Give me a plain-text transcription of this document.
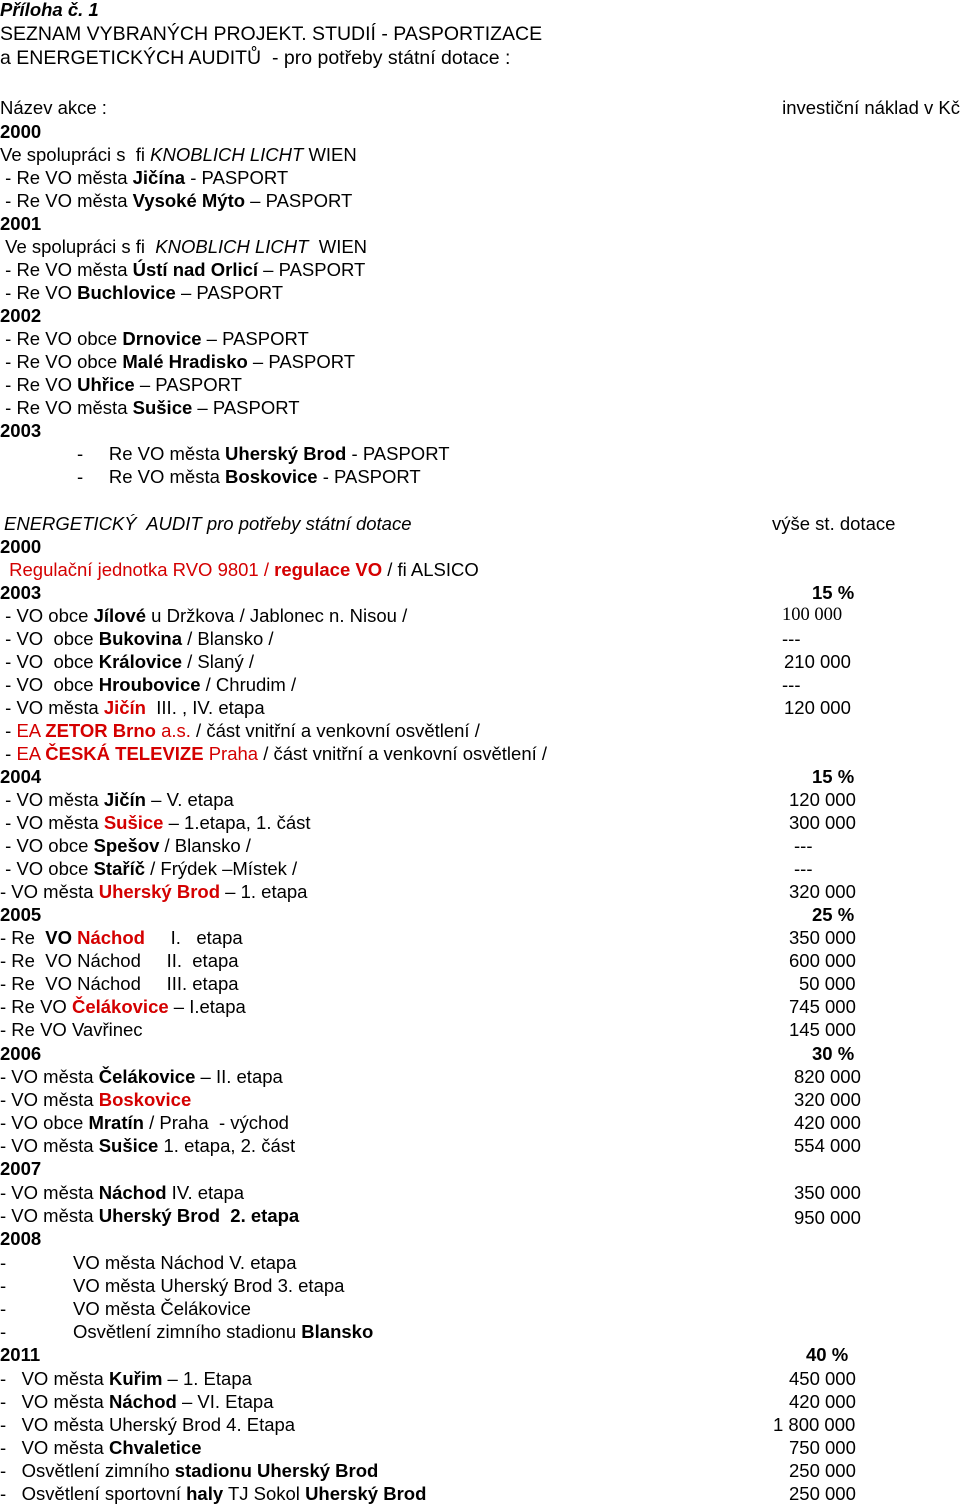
Příloha č. 1
SEZNAM VYBRANÝCH PROJEKT. STUDIÍ - PASPORTIZACE
a ENERGETICKÝCH AUDITŮ  - pro potřeby státní dotace :
Název akce :	investiční náklad v Kč
2000
Ve spolupráci s  fi KNOBLICH LICHT WIEN
- Re VO města Jičína - PASPORT
- Re VO města Vysoké Mýto – PASPORT
2001
Ve spolupráci s fi  KNOBLICH LICHT  WIEN
- Re VO města Ústí nad Orlicí – PASPORT
- Re VO Buchlovice – PASPORT
2002
- Re VO obce Drnovice – PASPORT
- Re VO obce Malé Hradisko – PASPORT
- Re VO Uhřice – PASPORT
- Re VO města Sušice – PASPORT
2003
-     Re VO města Uherský Brod - PASPORT
-     Re VO města Boskovice - PASPORT
ENERGETICKÝ  AUDIT pro potřeby státní dotace	výše st. dotace
2000
Regulační jednotka RVO 9801 / regulace VO / fi ALSICO
2003	15 %
- VO obce Jílové u Držkova / Jablonec n. Nisou /	100 000
- VO  obce Bukovina / Blansko /	---
- VO  obce Královice / Slaný /	210 000
- VO  obce Hroubovice / Chrudim /	---
- VO města Jičín  III. , IV. etapa	120 000
- EA ZETOR Brno a.s. / část vnitřní a venkovní osvětlení /
- EA ČESKÁ TELEVIZE Praha / část vnitřní a venkovní osvětlení /
2004	15 %
- VO města Jičín – V. etapa	120 000
- VO města Sušice – 1.etapa, 1. část	300 000
- VO obce Spešov / Blansko /	---
- VO obce Staříč / Frýdek –Místek /	---
- VO města Uherský Brod – 1. etapa	320 000
2005	25 %
- Re  VO Náchod     I.   etapa	350 000
- Re  VO Náchod     II.  etapa	600 000
- Re  VO Náchod     III. etapa	50 000
- Re VO Čelákovice – I.etapa	745 000
- Re VO Vavřinec	145 000
2006	30 %
- VO města Čelákovice – II. etapa	820 000
- VO města Boskovice	320 000
- VO obce Mratín / Praha  - východ	420 000
- VO města Sušice 1. etapa, 2. část	554 000
2007
- VO města Náchod IV. etapa	350 000
- VO města Uherský Brod  2. etapa	950 000
2008
-             VO města Náchod V. etapa
-             VO města Uherský Brod 3. etapa
-             VO města Čelákovice
-             Osvětlení zimního stadionu Blansko
2011	40 %
-   VO města Kuřim – 1. Etapa	450 000
-   VO města Náchod – VI. Etapa	420 000
-   VO města Uherský Brod 4. Etapa	1 800 000
-   VO města Chvaletice	750 000
-   Osvětlení zimního stadionu Uherský Brod	250 000
-   Osvětlení sportovní haly TJ Sokol Uherský Brod	250 000
